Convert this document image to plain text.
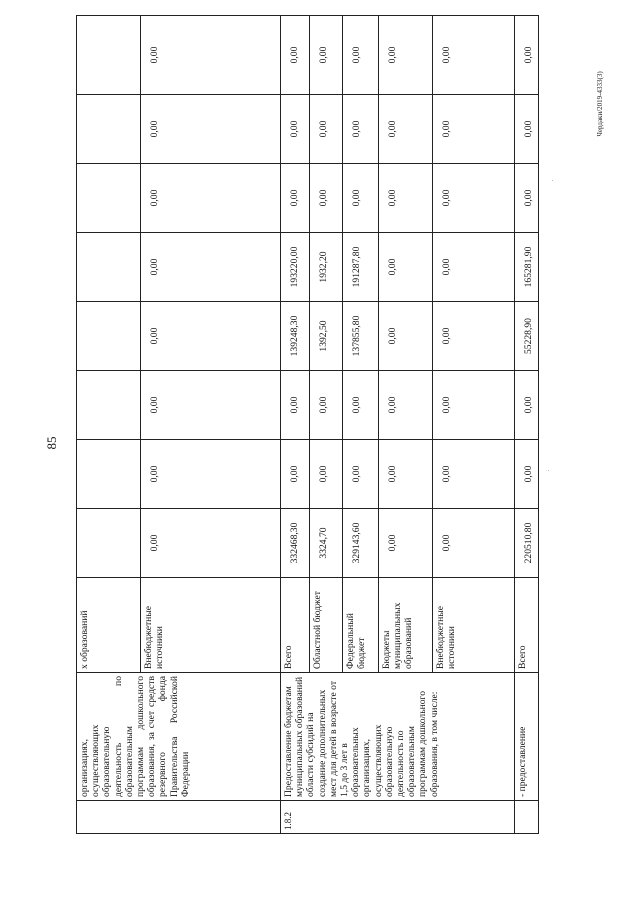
85
	организациях, осуществляющих образовательную деятельность по образовательным программам дошкольного образования, за счет средств резервного фонда Правительства Российской Федерации	х образований								
		Внебюджетные источники	0,00	0,00	0,00	0,00	0,00	0,00	0,00	0,00
1.8.2	Предоставление бюджетам муниципальных образований области субсидий на создание дополнительных мест для детей в возрасте от 1,5 до 3 лет в образовательных организациях, осуществляющих образовательную деятельность по образовательным программам дошкольного образования, в том числе:	Всего	332468,30	0,00	0,00	139248,30	193220,00	0,00	0,00	0,00
		Областной бюджет	3324,70	0,00	0,00	1392,50	1932,20	0,00	0,00	0,00
		Федеральный бюджет	329143,60	0,00	0,00	137855,80	191287,80	0,00	0,00	0,00
		Бюджеты муниципальных образований	0,00	0,00	0,00	0,00	0,00	0,00	0,00	0,00
		Внебюджетные источники	0,00	0,00	0,00	0,00	0,00	0,00	0,00	0,00
	- предоставление	Всего	220510,80	0,00	0,00	55228,90	165281,90	0,00	0,00	0,00
Чердаки/2019-4333(3)
